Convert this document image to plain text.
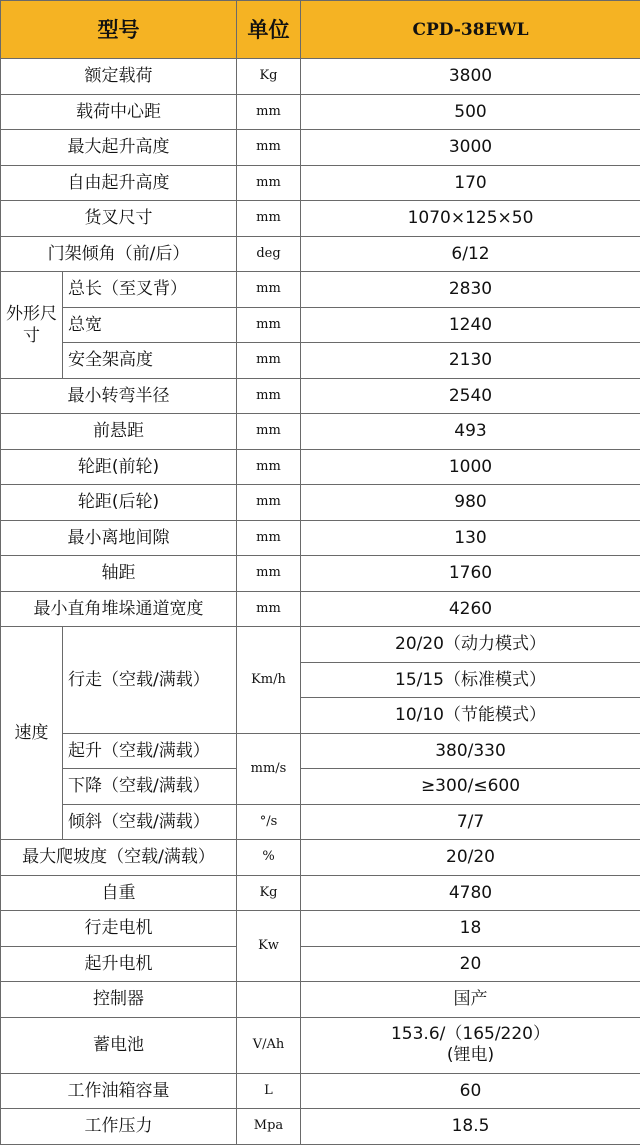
型号		单位	CPD-38EWL
额定载荷		Kg	3800
载荷中心距		mm	500
最大起升高度		mm	3000
自由起升高度		mm	170
货叉尺寸		mm	1070×125×50
门架倾角（前/后）		deg	6/12
外形尺寸	总长（至叉背）	mm	2830
	总宽	mm	1240
	安全架高度	mm	2130
最小转弯半径		mm	2540
前悬距		mm	493
轮距(前轮)		mm	1000
轮距(后轮)		mm	980
最小离地间隙		mm	130
轴距		mm	1760
最小直角堆垛通道宽度		mm	4260
速度	行走（空载/满载）	Km/h	20/20（动力模式）
			15/15（标准模式）
			10/10（节能模式）
	起升（空载/满载）	mm/s	380/330
	下降（空载/满载）		≥300/≤600
	倾斜（空载/满载）	°/s	7/7
最大爬坡度（空载/满载）		%	20/20
自重		Kg	4780
行走电机		Kw	18
起升电机			20
控制器			国产
蓄电池		V/Ah	153.6/（165/220）
(锂电)

工作油箱容量		L	60
工作压力		Mpa	18.5
